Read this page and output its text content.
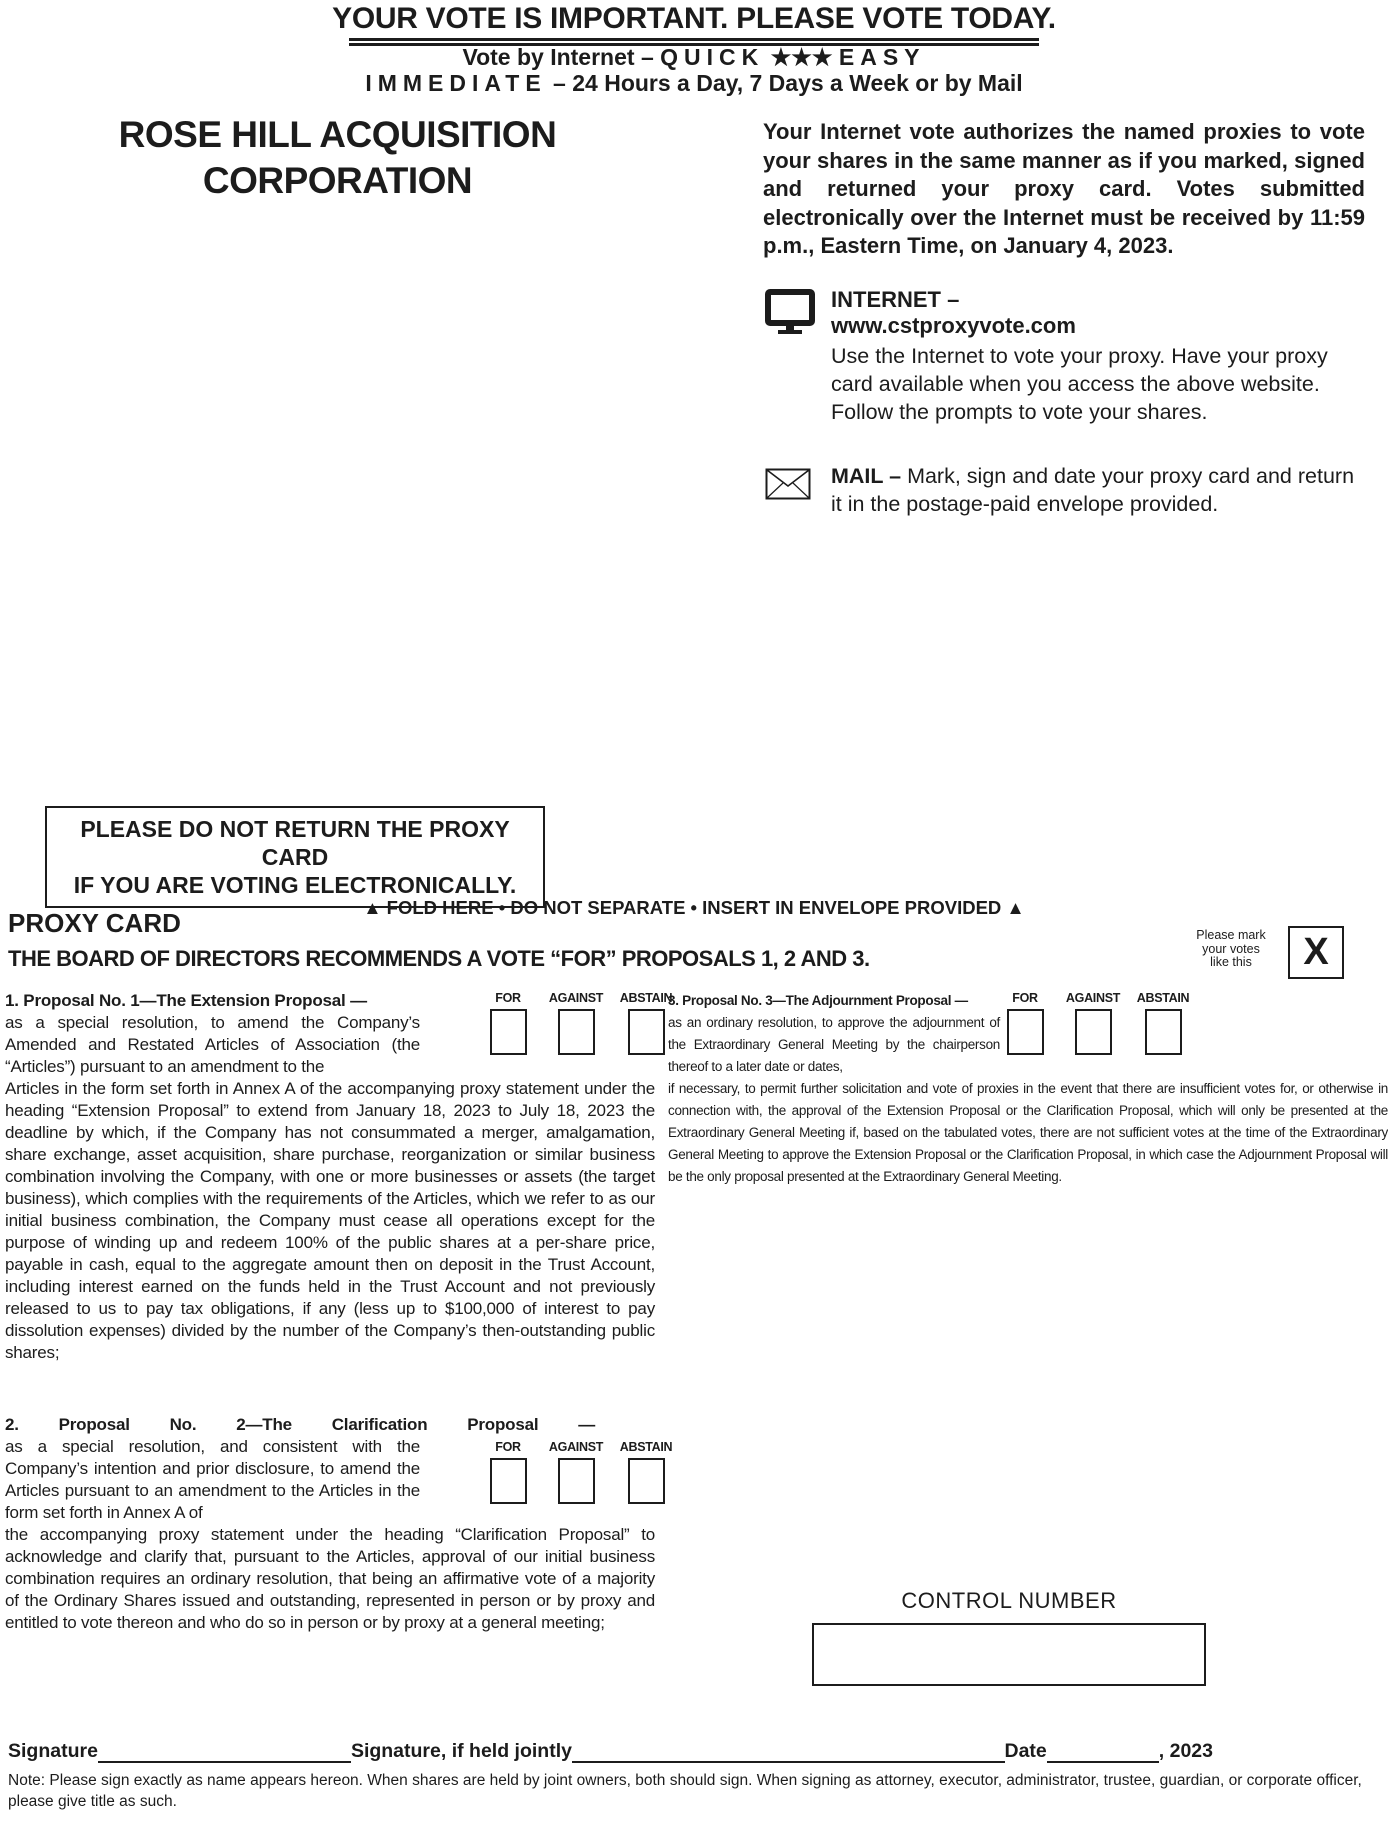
YOUR VOTE IS IMPORTANT. PLEASE VOTE TODAY.
Vote by Internet – QUICK ★★★ EASY
IMMEDIATE – 24 Hours a Day, 7 Days a Week or by Mail
ROSE HILL ACQUISITION
CORPORATION

Your Internet vote authorizes the named proxies to vote your shares in the same manner as if you marked, signed and returned your proxy card. Votes submitted electronically over the Internet must be received by 11:59 p.m., Eastern Time, on January 4, 2023.

INTERNET –
www.cstproxyvote.com
Use the Internet to vote your proxy. Have your proxy card available when you access the above website. Follow the prompts to vote your shares.
MAIL – Mark, sign and date your proxy card and return it in the postage-paid envelope provided.
PLEASE DO NOT RETURN THE PROXY CARD
IF YOU ARE VOTING ELECTRONICALLY.
▲ FOLD HERE • DO NOT SEPARATE • INSERT IN ENVELOPE PROVIDED ▲
PROXY CARD
THE BOARD OF DIRECTORS RECOMMENDS A VOTE “FOR” PROPOSALS 1, 2 AND 3.
Please mark
your votes
like this	X
FOR AGAINST ABSTAIN
1. Proposal No. 1—The Extension Proposal —
as a special resolution, to amend the Company’s Amended and Restated Articles of Association (the “Articles”) pursuant to an amendment to the
Articles in the form set forth in Annex A of the accompanying proxy statement under the heading “Extension Proposal” to extend from January 18, 2023 to July 18, 2023 the deadline by which, if the Company has not consummated a merger, amalgamation, share exchange, asset acquisition, share purchase, reorganization or similar business combination involving the Company, with one or more businesses or assets (the target business), which complies with the requirements of the Articles, which we refer to as our initial business combination, the Company must cease all operations except for the purpose of winding up and redeem 100% of the public shares at a per-share price, payable in cash, equal to the aggregate amount then on deposit in the Trust Account, including interest earned on the funds held in the Trust Account and not previously released to us to pay tax obligations, if any (less up to $100,000 of interest to pay dissolution expenses) divided by the number of the Company’s then-outstanding public shares;
FOR AGAINST ABSTAIN
2. Proposal No. 2—The Clarification Proposal —
as a special resolution, and consistent with the Company’s intention and prior disclosure, to amend the Articles pursuant to an amendment to the Articles in the form set forth in Annex A of
the accompanying proxy statement under the heading “Clarification Proposal” to acknowledge and clarify that, pursuant to the Articles, approval of our initial business combination requires an ordinary resolution, that being an affirmative vote of a majority of the Ordinary Shares issued and outstanding, represented in person or by proxy and entitled to vote thereon and who do so in person or by proxy at a general meeting;
FOR AGAINST ABSTAIN
3. Proposal No. 3—The Adjournment Proposal —
as an ordinary resolution, to approve the adjournment of the Extraordinary General Meeting by the chairperson thereof to a later date or dates,
if necessary, to permit further solicitation and vote of proxies in the event that there are insufficient votes for, or otherwise in connection with, the approval of the Extension Proposal or the Clarification Proposal, which will only be presented at the Extraordinary General Meeting if, based on the tabulated votes, there are not sufficient votes at the time of the Extraordinary General Meeting to approve the Extension Proposal or the Clarification Proposal, in which case the Adjournment Proposal will be the only proposal presented at the Extraordinary General Meeting.
CONTROL NUMBER
Signature	Signature, if held jointly	Date	, 2023
Note: Please sign exactly as name appears hereon. When shares are held by joint owners, both should sign. When signing as attorney, executor, administrator, trustee, guardian, or corporate officer, please give title as such.
